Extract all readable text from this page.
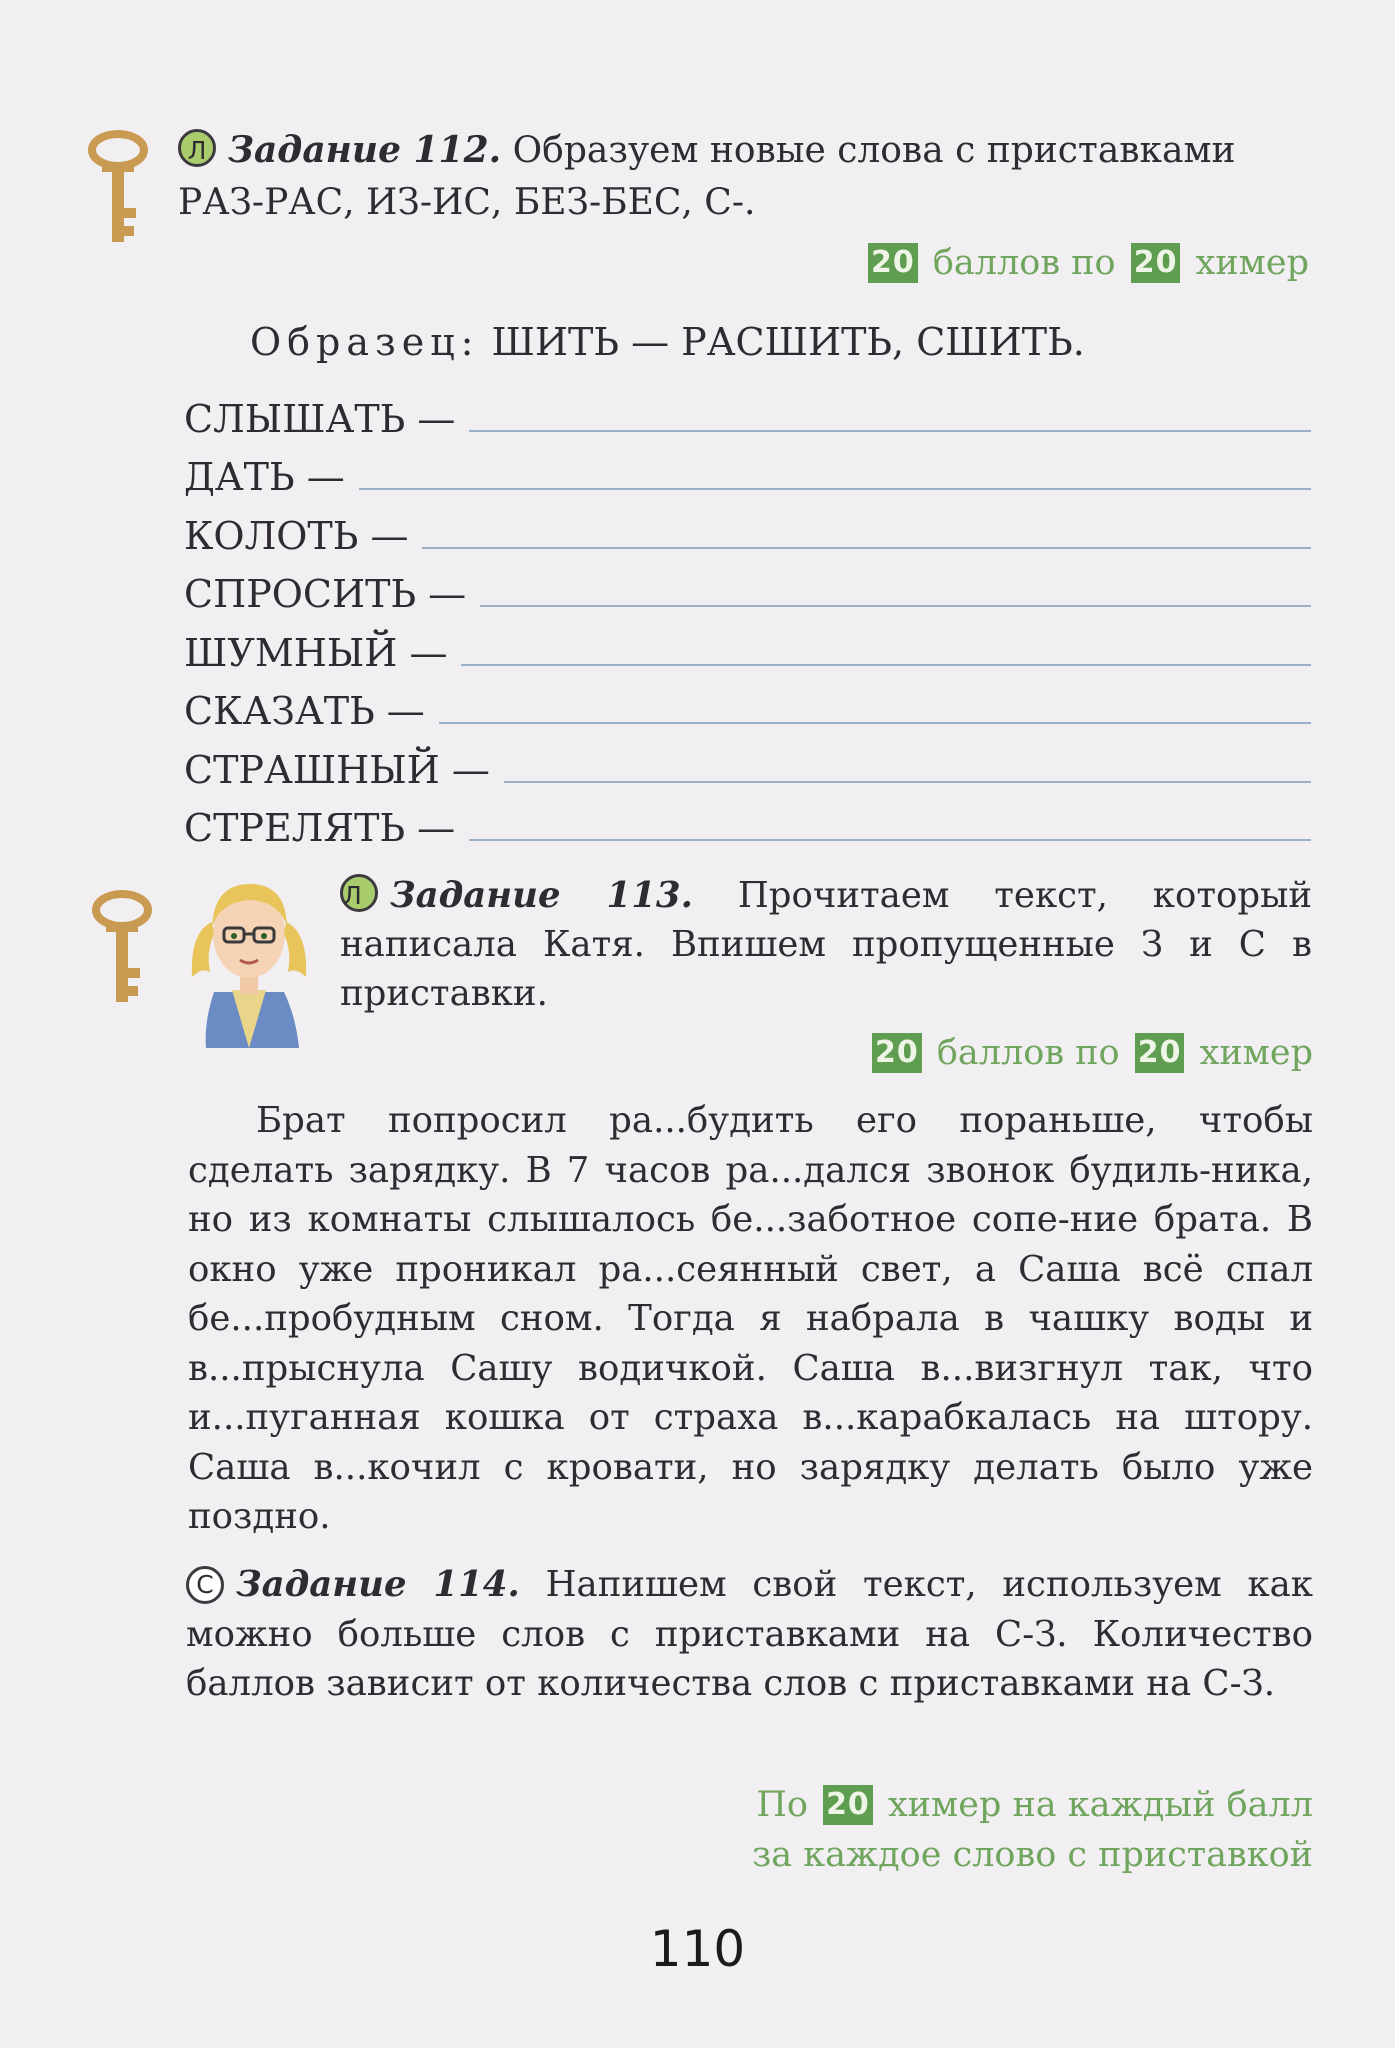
Л Задание 112. Образуем новые слова с приставками
РАЗ-РАС, ИЗ-ИС, БЕЗ-БЕС, С-.
20 баллов по 20 химер
Образец: ШИТЬ — РАСШИТЬ, СШИТЬ.
СЛЫШАТЬ —
ДАТЬ —
КОЛОТЬ —
СПРОСИТЬ —
ШУМНЫЙ —
СКАЗАТЬ —
СТРАШНЫЙ —
СТРЕЛЯТЬ —
Л Задание 113. Прочитаем текст, который
написала Катя. Впишем пропущенные З и С в
приставки.
20 баллов по 20 химер
Брат попросил ра...будить его пораньше, чтобы сделать зарядку. В 7 часов ра...дался звонок будиль-ника, но из комнаты слышалось бе...заботное сопе-ние брата. В окно уже проникал ра...сеянный свет, а Саша всё спал бе...пробудным сном. Тогда я набрала в чашку воды и в...прыснула Сашу водичкой. Саша в...визгнул так, что и...пуганная кошка от страха в...карабкалась на штору. Саша в...кочил с кровати, но зарядку делать было уже поздно.
С Задание 114. Напишем свой текст, используем как можно больше слов с приставками на С-З. Количество баллов зависит от количества слов с приставками на С-З.
По 20 химер на каждый балл
за каждое слово с приставкой
110
